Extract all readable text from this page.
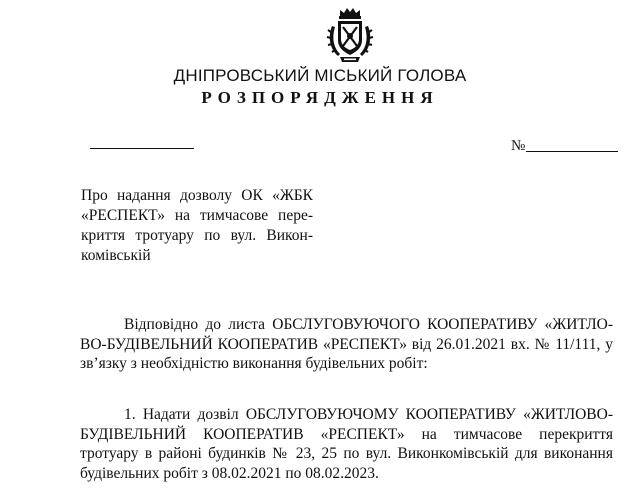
ДНІПРОВСЬКИЙ МІСЬКИЙ ГОЛОВА
РОЗПОРЯДЖЕННЯ
№
Про надання дозволу ОК «ЖБК
«РЕСПЕКТ» на тимчасове пере-
криття тротуару по вул. Викон-
комівській
Відповідно до листа ОБСЛУГОВУЮЧОГО КООПЕРАТИВУ «ЖИТЛО-
ВО-БУДІВЕЛЬНИЙ КООПЕРАТИВ «РЕСПЕКТ» від 26.01.2021 вх. № 11/111, у
зв’язку з необхідністю виконання будівельних робіт:
1. Надати дозвіл ОБСЛУГОВУЮЧОМУ КООПЕРАТИВУ «ЖИТЛОВО-
БУДІВЕЛЬНИЙ КООПЕРАТИВ «РЕСПЕКТ» на тимчасове перекриття
тротуару в районі будинків № 23, 25 по вул. Виконкомівській для виконання
будівельних робіт з 08.02.2021 по 08.02.2023.
